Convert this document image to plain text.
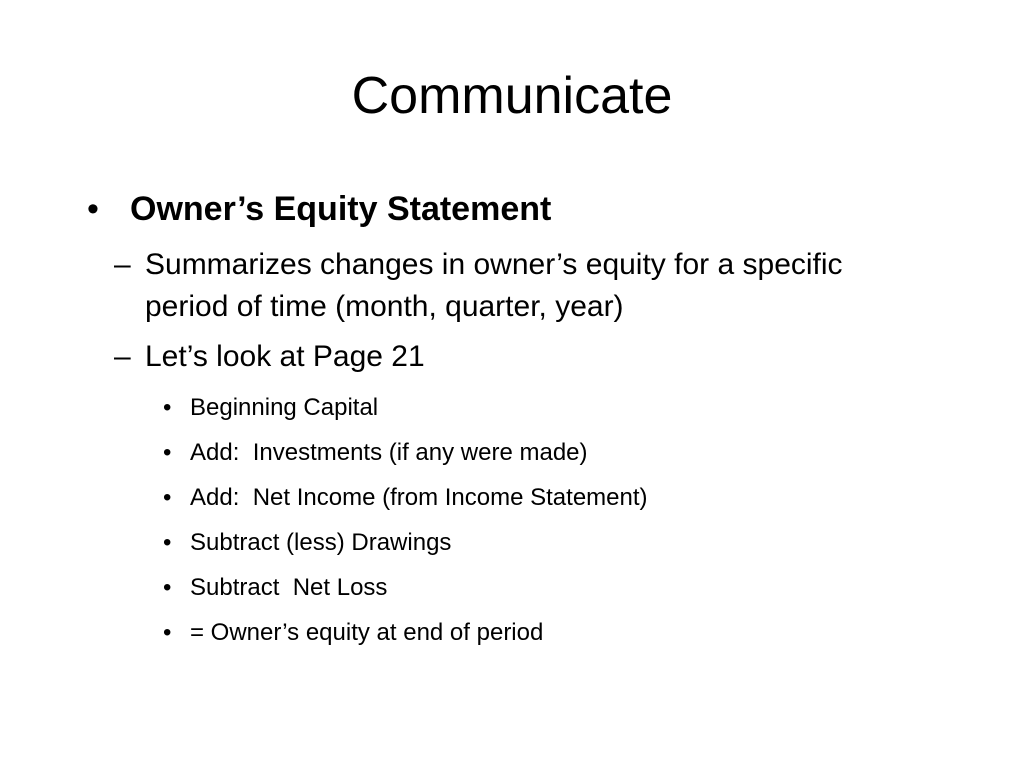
Communicate
• Owner’s Equity Statement
– Summarizes changes in owner’s equity for a specific period of time (month, quarter, year)
– Let’s look at Page 21
• Beginning Capital
• Add:  Investments (if any were made)
• Add:  Net Income (from Income Statement)
• Subtract (less) Drawings
• Subtract  Net Loss
• = Owner’s equity at end of period
